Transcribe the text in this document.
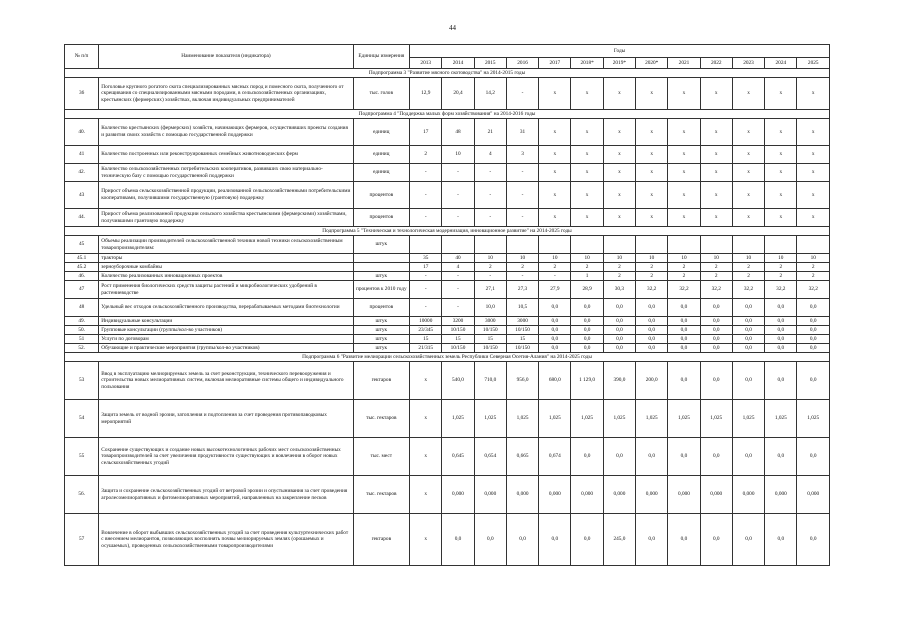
44
№ п/п	Наименование показателя (индикатора)	Единицы измерения	Годы												
			2013	2014	2015	2016	2017	2018*	2019*	2020*	2021	2022	2023	2024	2025
Подпрограмма 3 "Развитие мясного скотоводства" на 2014-2015 годы															
36	Поголовье крупного рогатого скота специализированных мясных пород и помесного скота, полученного от скрещивания со специализированными мясными породами, в сельскохозяйственных организациях, крестьянских (фермерских) хозяйствах, включая индивидуальных предпринимателей	тыс. голов	12,9	20,4	14,2	-	x	x	x	x	x	x	x	x	x
Подпрограмма 4 "Поддержка малых форм хозяйствования" на 2014-2016 годы															
40.	Количество крестьянских (фермерских) хозяйств, начинающих фермеров, осуществивших проекты создания и развития своих хозяйств с помощью государственной поддержки	единиц	17	48	21	31	x	x	x	x	x	x	x	x	x
41	Количество построенных или реконструированных семейных животноводческих ферм	единиц	2	10	4	3	x	x	x	x	x	x	x	x	x
42.	Количество сельскохозяйственных потребительских кооперативов, развивших свою материально-техническую базу с помощью государственной поддержки	единиц	-	-	-	-	x	x	x	x	x	x	x	x	x
43	Прирост объема сельскохозяйственной продукции, реализованной сельскохозяйственными потребительскими кооперативами, получившими государственную (грантовую) поддержку	процентов	-	-	-	-	x	x	x	x	x	x	x	x	x
44.	Прирост объема реализованной продукции сельского хозяйства крестьянскими (фермерскими) хозяйствами, получившими грантовую поддержку	процентов	-	-	-	-	x	x	x	x	x	x	x	x	x
Подпрограмма 5 "Техническая и технологическая модернизация, инновационное развитие" на 2014-2025 годы															
45	Объемы реализации производителей сельскохозяйственной техники новой техники сельскохозяйственным товаропроизводителям:	штук													
45.1	тракторы		35	40	10	10	10	10	10	10	10	10	10	10	10
45.2	зерноуборочные комбайны		17	4	2	2	2	2	2	2	2	2	2	2	2
46.	Количество реализованных инновационных проектов	штук	-	-	-	-	-	1	2	2	2	2	2	2	2
47	Рост применения биологических средств защиты растений и микробиологических удобрений в растениеводстве	процентов к 2010 году	-	-	27,1	27,3	27,9	28,9	30,3	32,2	32,2	32,2	32,2	32,2	32,2
48	Удельный вес отходов сельскохозяйственного производства, перерабатываемых методами биотехнологии	процентов	-	-	10,0	10,5	0,0	0,0	0,0	0,0	0,0	0,0	0,0	0,0	0,0
49.	Индивидуальные консультации	штук	10000	3200	3000	3000	0,0	0,0	0,0	0,0	0,0	0,0	0,0	0,0	0,0
50.	Групповые консультации (группы/кол-во участников)	штук	23/345	10/150	10/150	10/150	0,0	0,0	0,0	0,0	0,0	0,0	0,0	0,0	0,0
51	Услуги по договорам	штук	15	15	15	15	0,0	0,0	0,0	0,0	0,0	0,0	0,0	0,0	0,0
52.	Обучающие и практические мероприятия (группы/кол-во участников)	штук	21/315	10/150	10/150	10/150	0,0	0,0	0,0	0,0	0,0	0,0	0,0	0,0	0,0
Подпрограмма 6 "Развитие мелиорации сельскохозяйственных земель Республики Северная Осетия-Алания" на 2014-2025 годы															
53	Ввод в эксплуатацию мелиорируемых земель за счет реконструкции, технического перевооружения и строительства новых мелиоративных систем, включая мелиоративные системы общего и индивидуального пользования	гектаров	x	540,0	710,0	956,0	680,0	1 129,0	390,0	200,0	0,0	0,0	0,0	0,0	0,0
54	Защита земель от водной эрозии, затопления и подтопления за счет проведения противопаводковых мероприятий	тыс. гектаров	x	1,025	1,025	1,025	1,025	1,025	1,025	1,025	1,025	1,025	1,025	1,025	1,025
55	Сохранение существующих и создание новых высокотехнологичных рабочих мест сельскохозяйственных товаропроизводителей за счет увеличения продуктивности существующих и вовлечения в оборот новых сельскохозяйственных угодий	тыс. мест	x	0,645	0,654	0,665	0,674	0,0	0,0	0,0	0,0	0,0	0,0	0,0	0,0
56.	Защита и сохранение сельскохозяйственных угодий от ветровой эрозии и опустынивания за счет проведения агролесомелиоративных и фитомелиоративных мероприятий, направленных на закрепление песков	тыс. гектаров	x	0,000	0,000	0,000	0,000	0,000	0,000	0,000	0,000	0,000	0,000	0,000	0,000
57	Вовлечение в оборот выбывших сельскохозяйственных угодий за счет проведения культуртехнических работ с внесением мелиорантов, позволяющих восполнять почвы мелиорируемых землях (орошаемых и осушаемых), проведенных сельскохозяйственными товаропроизводителями	гектаров	x	0,0	0,0	0,0	0,0	0,0	245,0	0,0	0,0	0,0	0,0	0,0	0,0
